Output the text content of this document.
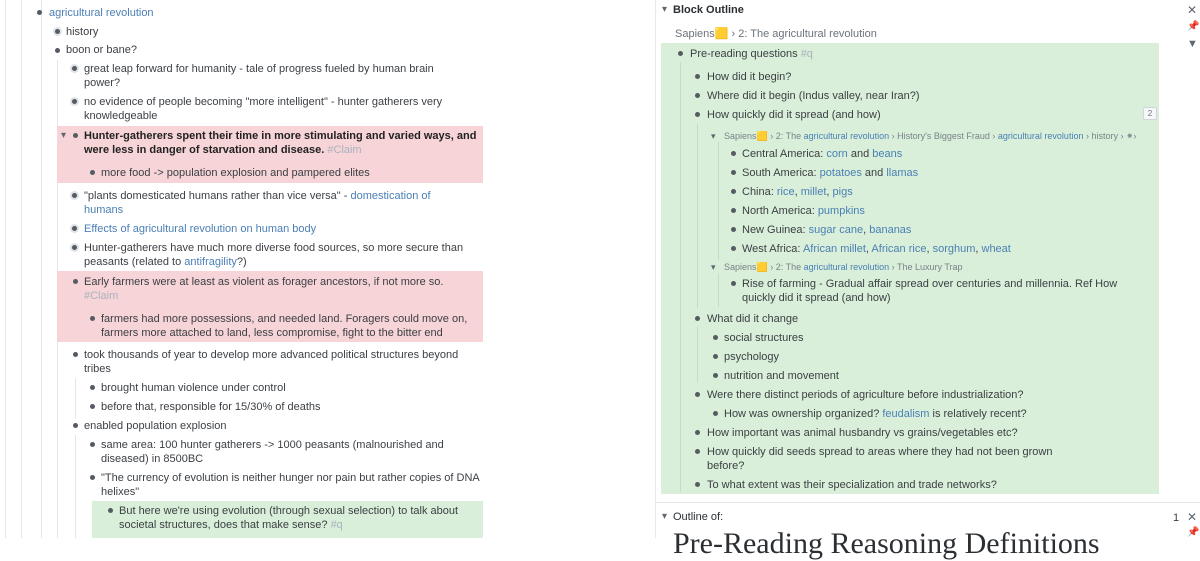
agricultural revolution
history
boon or bane?
great leap forward for humanity - tale of progress fueled by human brain
power?
no evidence of people becoming "more intelligent" - hunter gatherers very
knowledgeable
▾ Hunter-gatherers spent their time in more stimulating and varied ways, and
were less in danger of starvation and disease. #Claim
more food -> population explosion and pampered elites
"plants domesticated humans rather than vice versa" - domestication of
humans
Effects of agricultural revolution on human body
Hunter-gatherers have much more diverse food sources, so more secure than
peasants (related to antifragility?)
Early farmers were at least as violent as forager ancestors, if not more so.
#Claim
farmers had more possessions, and needed land. Foragers could move on,
farmers more attached to land, less compromise, fight to the bitter end
took thousands of year to develop more advanced political structures beyond
tribes
brought human violence under control
before that, responsible for 15/30% of deaths
enabled population explosion
same area: 100 hunter gatherers -> 1000 peasants (malnourished and
diseased) in 8500BC
"The currency of evolution is neither hunger nor pain but rather copies of DNA
helixes"
But here we're using evolution (through sexual selection) to talk about
societal structures, does that make sense? #q
▾ Block Outline	✕
📌
▼
Sapiens🟨 › 2: The agricultural revolution
Pre-reading questions #q
How did it begin?
Where did it begin (Indus valley, near Iran?)
How quickly did it spread (and how)	2
▾ Sapiens🟨 › 2: The agricultural revolution › History's Biggest Fraud › agricultural revolution › history › ⁕›
Central America: corn and beans
South America: potatoes and llamas
China: rice, millet, pigs
North America: pumpkins
New Guinea: sugar cane, bananas
West Africa: African millet, African rice, sorghum, wheat
▾ Sapiens🟨 › 2: The agricultural revolution › The Luxury Trap
Rise of farming - Gradual affair spread over centuries and millennia. Ref How
quickly did it spread (and how)
What did it change
social structures
psychology
nutrition and movement
Were there distinct periods of agriculture before industrialization?
How was ownership organized? feudalism is relatively recent?
How important was animal husbandry vs grains/vegetables etc?
How quickly did seeds spread to areas where they had not been grown
before?
To what extent was their specialization and trade networks?
▾ Outline of:	1 ✕
📌
Pre-Reading Reasoning Definitions
